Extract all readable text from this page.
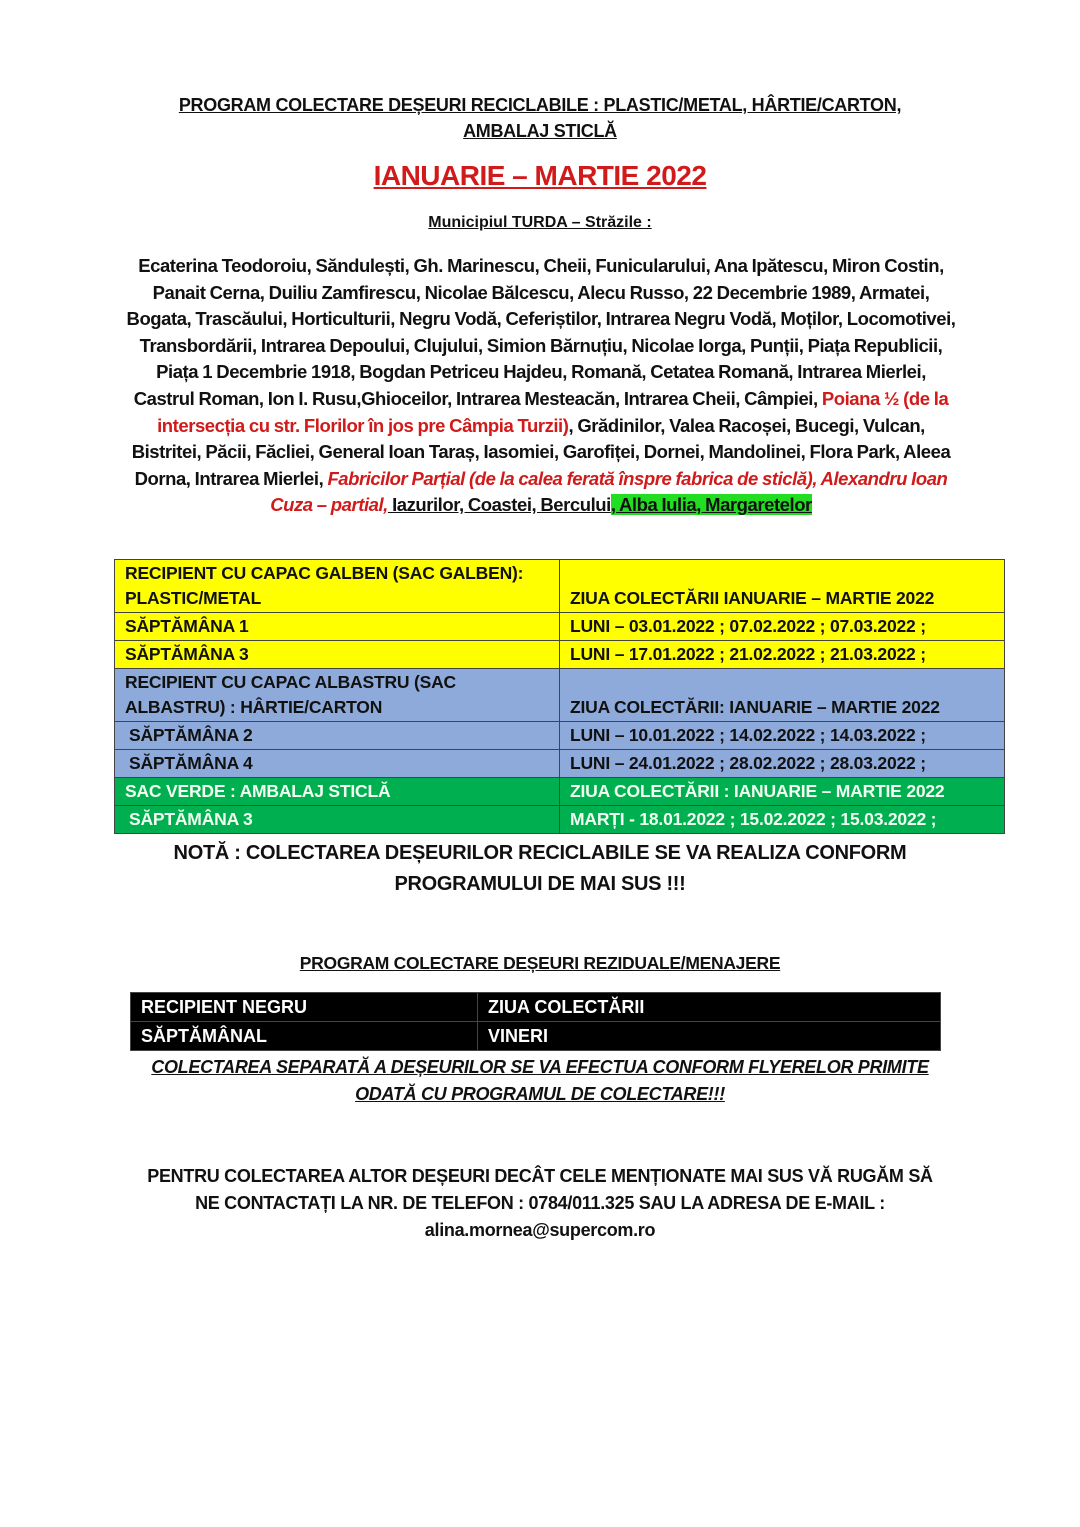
PROGRAM COLECTARE DEȘEURI RECICLABILE : PLASTIC/METAL, HÂRTIE/CARTON,
AMBALAJ STICLĂ
IANUARIE – MARTIE 2022
Municipiul TURDA – Străzile :
Ecaterina Teodoroiu, Săndulești, Gh. Marinescu, Cheii, Funicularului, Ana Ipătescu, Miron Costin, Panait Cerna, Duiliu Zamfirescu, Nicolae Bălcescu, Alecu Russo, 22 Decembrie 1989, Armatei, Bogata, Trascăului, Horticulturii, Negru Vodă, Ceferiștilor, Intrarea Negru Vodă, Moților, Locomotivei, Transbordării, Intrarea Depoului, Clujului, Simion Bărnuțiu, Nicolae Iorga, Punții, Piața Republicii, Piața 1 Decembrie 1918, Bogdan Petriceu Hajdeu, Romană, Cetatea Romană, Intrarea Mierlei, Castrul Roman, Ion I. Rusu,Ghioceilor, Intrarea Mesteacăn, Intrarea Cheii, Câmpiei, Poiana ½ (de la intersecția cu str. Florilor în jos pre Câmpia Turzii), Grădinilor, Valea Racoșei, Bucegi, Vulcan, Bistritei, Păcii, Făcliei, General Ioan Taraș, Iasomiei, Garofiței, Dornei, Mandolinei, Flora Park, Aleea Dorna, Intrarea Mierlei, Fabricilor Parțial (de la calea ferată înspre fabrica de sticlă), Alexandru Ioan Cuza – partial, Iazurilor, Coastei, Bercului, Alba Iulia, Margaretelor
RECIPIENT CU CAPAC GALBEN (SAC GALBEN): PLASTIC/METAL	ZIUA COLECTĂRII IANUARIE – MARTIE 2022
SĂPTĂMÂNA 1	LUNI – 03.01.2022 ; 07.02.2022 ; 07.03.2022 ;
SĂPTĂMÂNA 3	LUNI – 17.01.2022 ; 21.02.2022 ; 21.03.2022 ;
RECIPIENT CU CAPAC ALBASTRU (SAC ALBASTRU) : HÂRTIE/CARTON	ZIUA COLECTĂRII: IANUARIE – MARTIE 2022
SĂPTĂMÂNA 2	LUNI – 10.01.2022 ; 14.02.2022 ; 14.03.2022 ;
SĂPTĂMÂNA 4	LUNI – 24.01.2022 ; 28.02.2022 ; 28.03.2022 ;
SAC VERDE : AMBALAJ STICLĂ	ZIUA COLECTĂRII : IANUARIE – MARTIE 2022
SĂPTĂMÂNA 3	MARȚI - 18.01.2022 ; 15.02.2022 ; 15.03.2022 ;
NOTĂ : COLECTAREA DEȘEURILOR RECICLABILE SE VA REALIZA CONFORM
PROGRAMULUI DE MAI SUS !!!
PROGRAM COLECTARE DEȘEURI REZIDUALE/MENAJERE
RECIPIENT NEGRU	ZIUA COLECTĂRII
SĂPTĂMÂNAL	VINERI
COLECTAREA SEPARATĂ A DEȘEURILOR SE VA EFECTUA CONFORM FLYERELOR PRIMITE
ODATĂ CU PROGRAMUL DE COLECTARE!!!
PENTRU COLECTAREA ALTOR DEȘEURI DECÂT CELE MENȚIONATE MAI SUS VĂ RUGĂM SĂ
NE CONTACTAȚI LA NR. DE TELEFON : 0784/011.325 SAU LA ADRESA DE E-MAIL :
alina.mornea@supercom.ro
